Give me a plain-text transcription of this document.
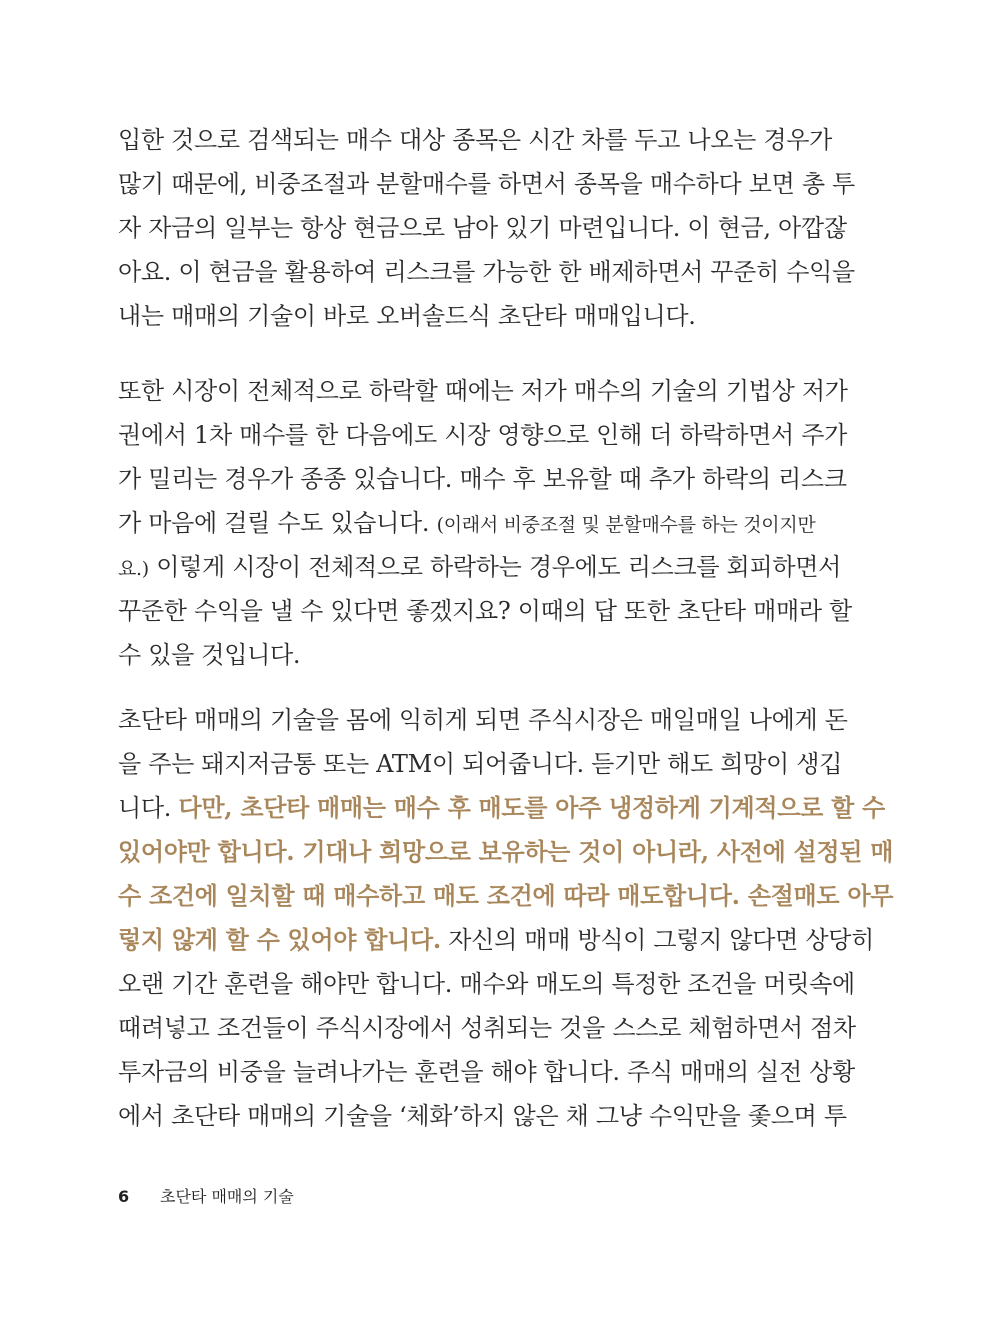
입한 것으로 검색되는 매수 대상 종목은 시간 차를 두고 나오는 경우가
많기 때문에, 비중조절과 분할매수를 하면서 종목을 매수하다 보면 총 투
자 자금의 일부는 항상 현금으로 남아 있기 마련입니다. 이 현금, 아깝잖
아요. 이 현금을 활용하여 리스크를 가능한 한 배제하면서 꾸준히 수익을
내는 매매의 기술이 바로 오버솔드식 초단타 매매입니다.
또한 시장이 전체적으로 하락할 때에는 저가 매수의 기술의 기법상 저가
권에서 1차 매수를 한 다음에도 시장 영향으로 인해 더 하락하면서 주가
가 밀리는 경우가 종종 있습니다. 매수 후 보유할 때 추가 하락의 리스크
가 마음에 걸릴 수도 있습니다. (이래서 비중조절 및 분할매수를 하는 것이지만
요.) 이렇게 시장이 전체적으로 하락하는 경우에도 리스크를 회피하면서
꾸준한 수익을 낼 수 있다면 좋겠지요? 이때의 답 또한 초단타 매매라 할
수 있을 것입니다.
초단타 매매의 기술을 몸에 익히게 되면 주식시장은 매일매일 나에게 돈
을 주는 돼지저금통 또는 ATM이 되어줍니다. 듣기만 해도 희망이 생깁
니다. 다만, 초단타 매매는 매수 후 매도를 아주 냉정하게 기계적으로 할 수
있어야만 합니다. 기대나 희망으로 보유하는 것이 아니라, 사전에 설정된 매
수 조건에 일치할 때 매수하고 매도 조건에 따라 매도합니다. 손절매도 아무
렇지 않게 할 수 있어야 합니다. 자신의 매매 방식이 그렇지 않다면 상당히
오랜 기간 훈련을 해야만 합니다. 매수와 매도의 특정한 조건을 머릿속에
때려넣고 조건들이 주식시장에서 성취되는 것을 스스로 체험하면서 점차
투자금의 비중을 늘려나가는 훈련을 해야 합니다. 주식 매매의 실전 상황
에서 초단타 매매의 기술을 ‘체화’하지 않은 채 그냥 수익만을 좇으며 투
6 초단타 매매의 기술
